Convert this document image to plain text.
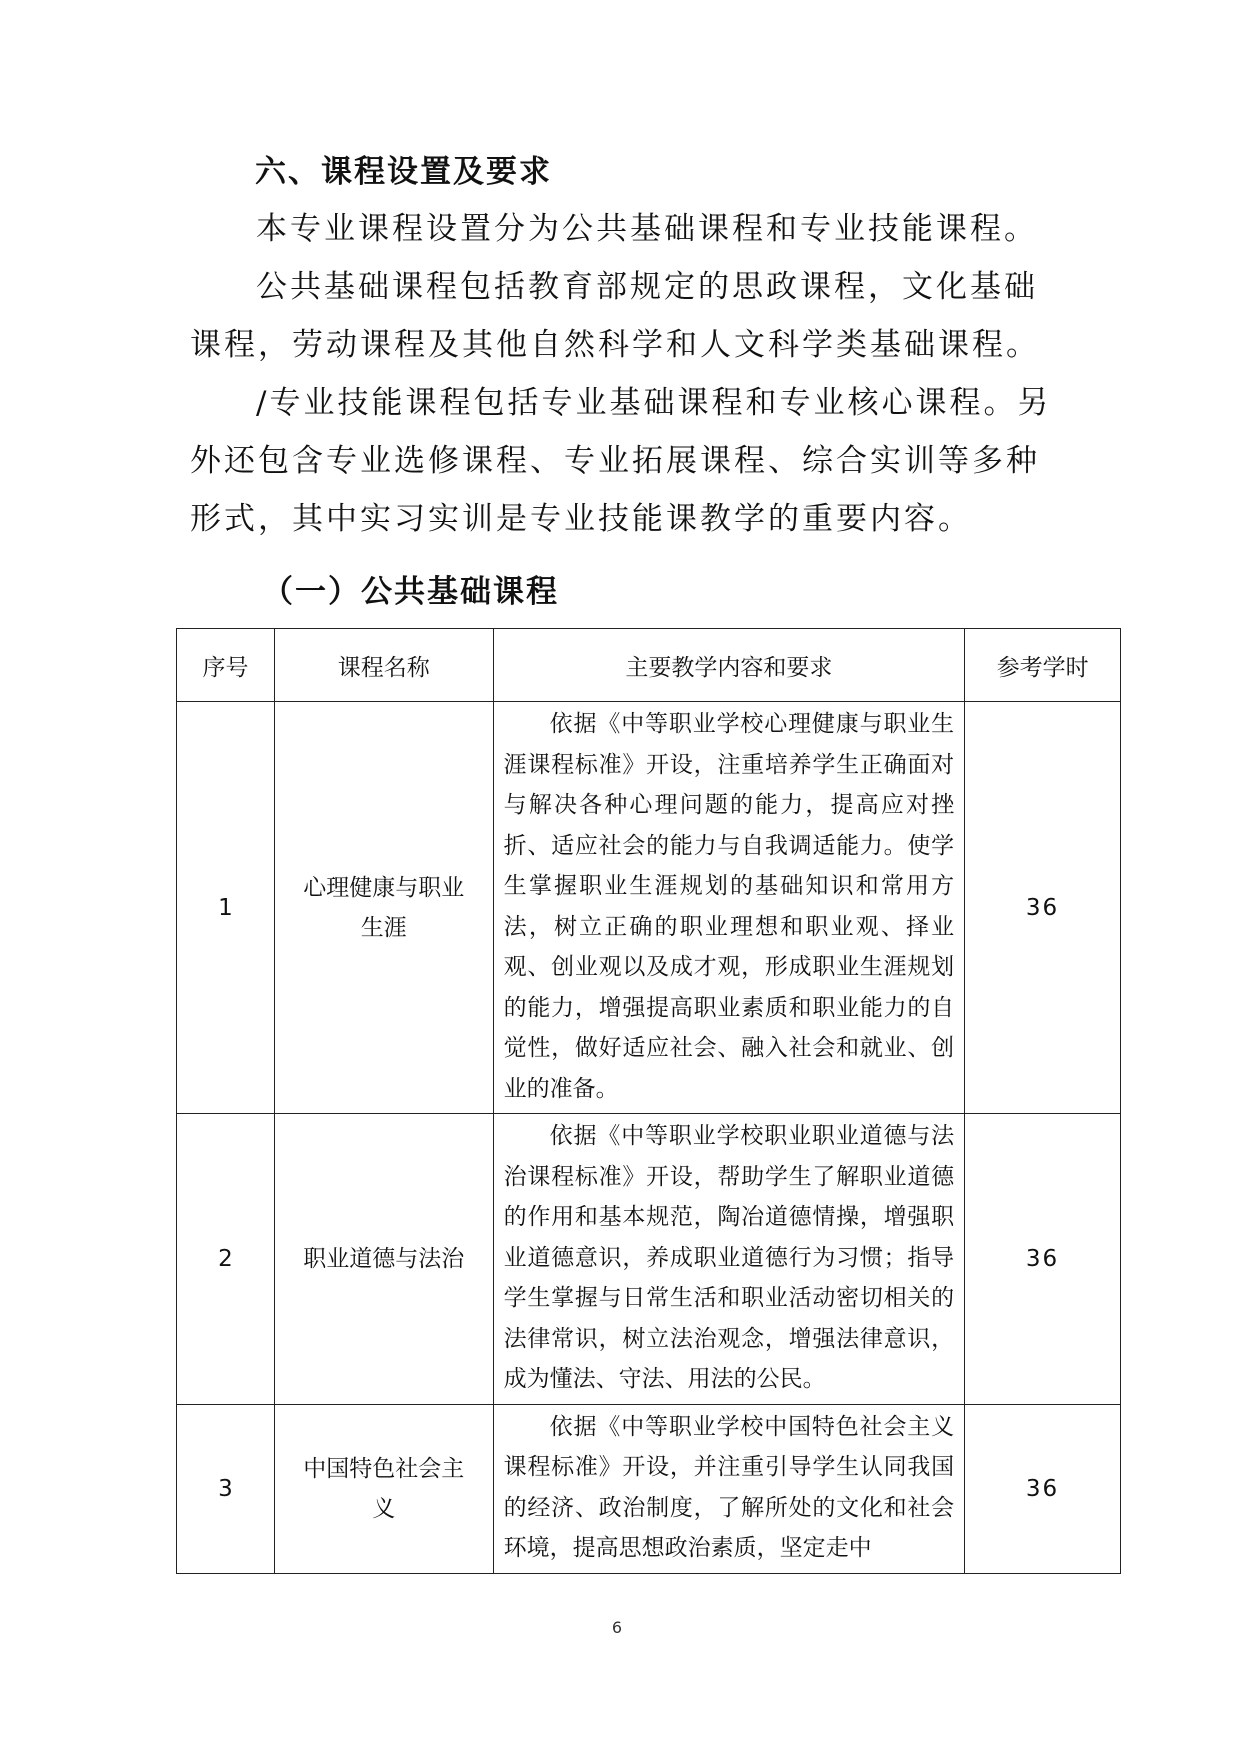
六、课程设置及要求

本专业课程设置分为公共基础课程和专业技能课程。

公共基础课程包括教育部规定的思政课程，文化基础课程，劳动课程及其他自然科学和人文科学类基础课程。

/专业技能课程包括专业基础课程和专业核心课程。另外还包含专业选修课程、专业拓展课程、综合实训等多种形式，其中实习实训是专业技能课教学的重要内容。

（一）公共基础课程
序号	课程名称	主要教学内容和要求	参考学时
1	心理健康与职业生涯	依据《中等职业学校心理健康与职业生涯课程标准》开设，注重培养学生正确面对与解决各种心理问题的能力，提高应对挫折、适应社会的能力与自我调适能力。使学生掌握职业生涯规划的基础知识和常用方法，树立正确的职业理想和职业观、择业观、创业观以及成才观，形成职业生涯规划的能力，增强提高职业素质和职业能力的自觉性，做好适应社会、融入社会和就业、创业的准备。	36
2	职业道德与法治	依据《中等职业学校职业职业道德与法治课程标准》开设，帮助学生了解职业道德的作用和基本规范，陶冶道德情操，增强职业道德意识，养成职业道德行为习惯；指导学生掌握与日常生活和职业活动密切相关的法律常识，树立法治观念，增强法律意识，成为懂法、守法、用法的公民。	36
3	中国特色社会主义	依据《中等职业学校中国特色社会主义课程标准》开设，并注重引导学生认同我国的经济、政治制度，了解所处的文化和社会环境，提高思想政治素质，坚定走中	36
6
